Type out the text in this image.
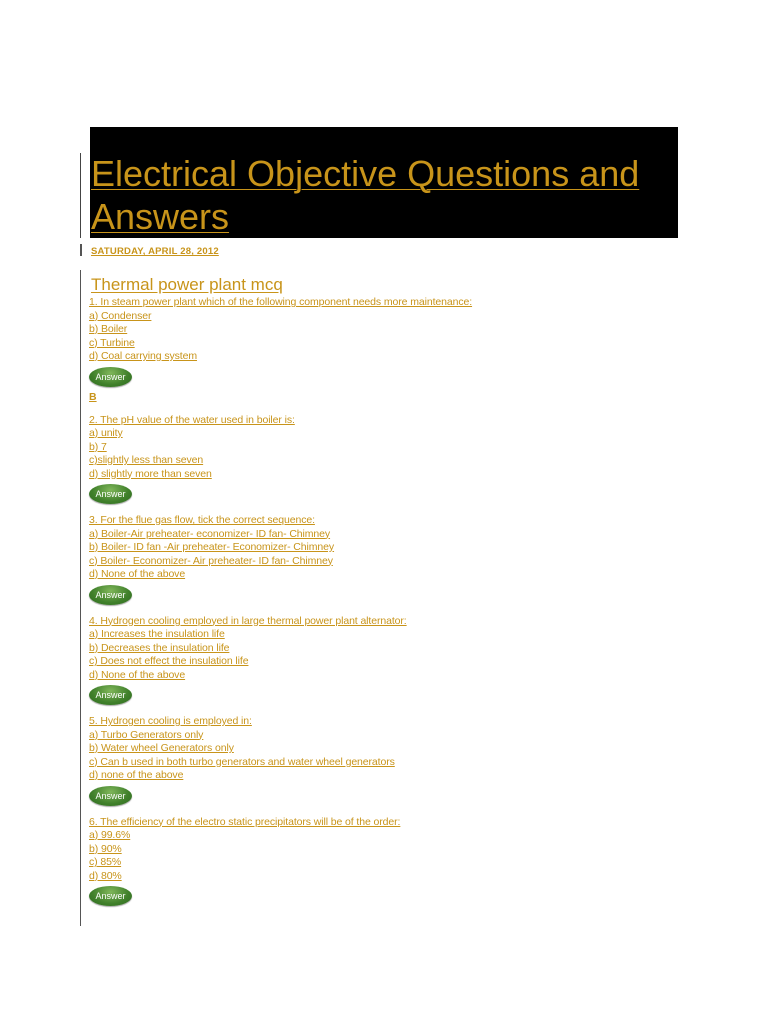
Electrical Objective Questions and Answers
SATURDAY, APRIL 28, 2012
Thermal power plant mcq
1. In steam power plant which of the following component needs more maintenance:
a) Condenser
b) Boiler
c) Turbine
d) Coal carrying system
Answer
B
2. The pH value of the water used in boiler is:
a) unity
b) 7
c)slightly less than seven
d) slightly more than seven
Answer
3. For the flue gas flow, tick the correct sequence:
a) Boiler-Air preheater- economizer- ID fan- Chimney
b) Boiler- ID fan -Air preheater- Economizer- Chimney
c) Boiler- Economizer- Air preheater- ID fan- Chimney
d) None of the above
Answer
4. Hydrogen cooling employed in large thermal power plant alternator:
a) Increases the insulation life
b) Decreases the insulation life
c) Does not effect the insulation life
d) None of the above
Answer
5. Hydrogen cooling is employed in:
a) Turbo Generators only
b) Water wheel Generators only
c) Can b used in both turbo generators and water wheel generators
d) none of the above
Answer
6. The efficiency of the electro static precipitators will be of the order:
a) 99.6%
b) 90%
c) 85%
d) 80%
Answer
